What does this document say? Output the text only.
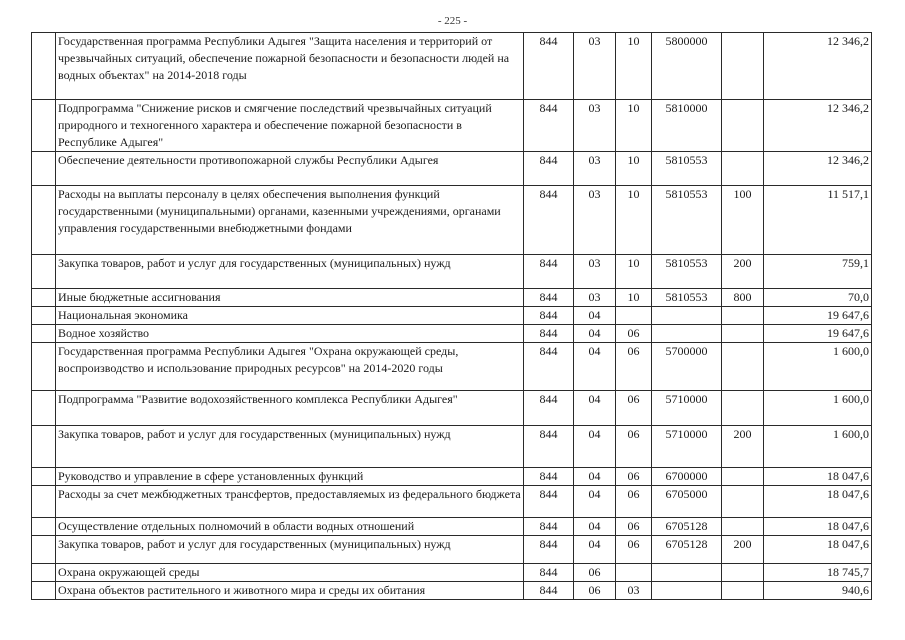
- 225 -
	Государственная программа Республики Адыгея "Защита населения и территорий от чрезвычайных ситуаций, обеспечение пожарной безопасности и безопасности людей на водных объектах" на 2014-2018 годы	844	03	10	5800000		12 346,2
	Подпрограмма "Снижение рисков и смягчение последствий чрезвычайных ситуаций природного и техногенного характера и обеспечение пожарной безопасности в Республике Адыгея"	844	03	10	5810000		12 346,2
	Обеспечение деятельности противопожарной службы Республики Адыгея	844	03	10	5810553		12 346,2
	Расходы на выплаты персоналу в целях обеспечения выполнения функций государственными (муниципальными) органами, казенными учреждениями, органами управления государственными внебюджетными фондами	844	03	10	5810553	100	11 517,1
	Закупка товаров, работ и услуг для государственных (муниципальных) нужд	844	03	10	5810553	200	759,1
	Иные бюджетные ассигнования	844	03	10	5810553	800	70,0
	Национальная экономика	844	04				19 647,6
	Водное хозяйство	844	04	06			19 647,6
	Государственная программа Республики Адыгея "Охрана окружающей среды, воспроизводство и использование природных ресурсов" на 2014-2020 годы	844	04	06	5700000		1 600,0
	Подпрограмма "Развитие водохозяйственного комплекса Республики Адыгея"	844	04	06	5710000		1 600,0
	Закупка товаров, работ и услуг для государственных (муниципальных) нужд	844	04	06	5710000	200	1 600,0
	Руководство и управление в сфере установленных функций	844	04	06	6700000		18 047,6
	Расходы за счет межбюджетных трансфертов, предоставляемых из федерального бюджета	844	04	06	6705000		18 047,6
	Осуществление отдельных полномочий в области водных отношений	844	04	06	6705128		18 047,6
	Закупка товаров, работ и услуг для государственных (муниципальных) нужд	844	04	06	6705128	200	18 047,6
	Охрана окружающей среды	844	06				18 745,7
	Охрана объектов растительного и животного мира и среды их обитания	844	06	03			940,6
